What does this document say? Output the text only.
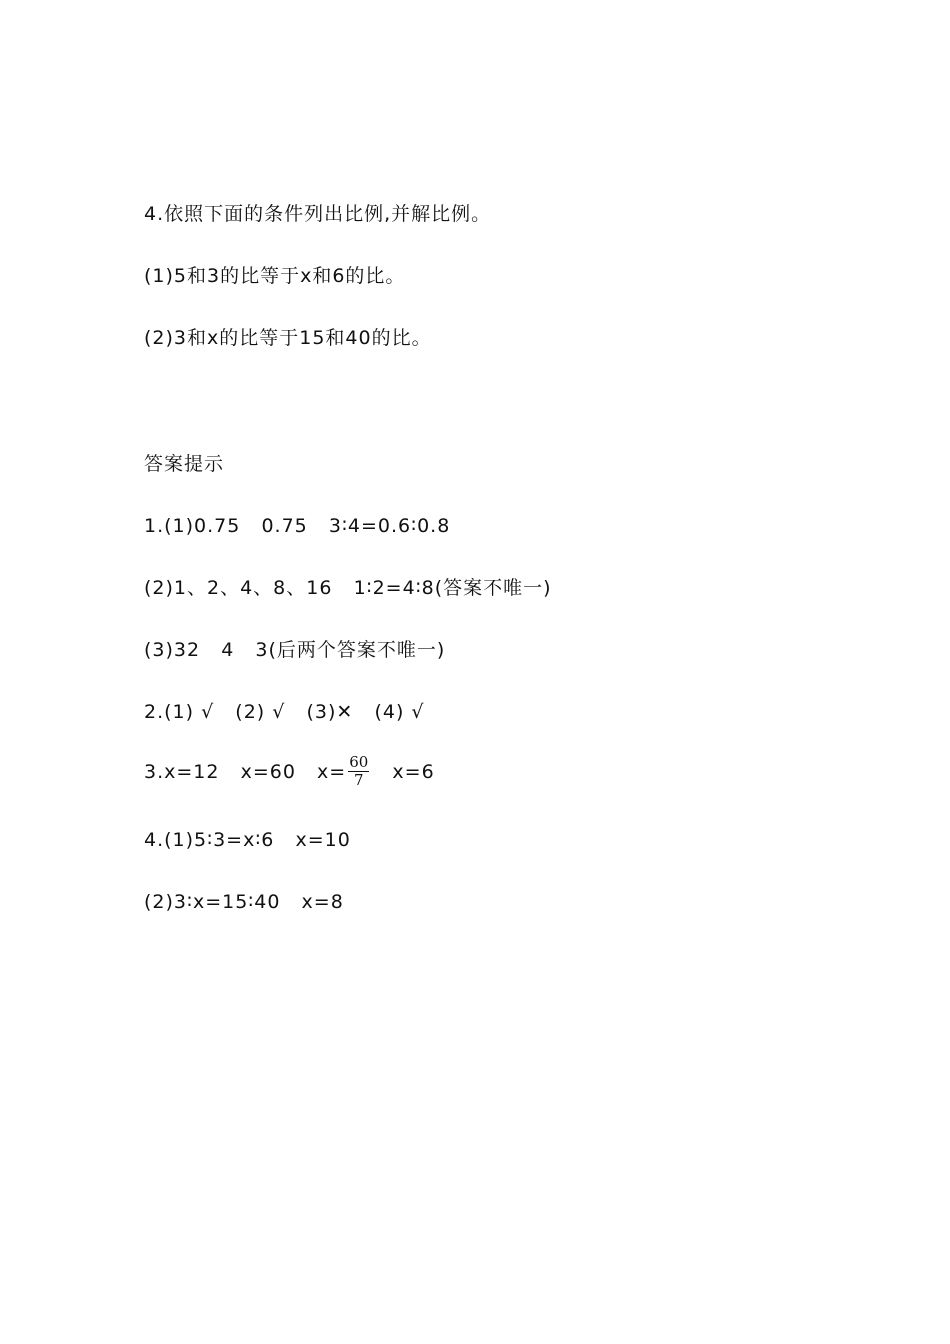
4.依照下面的条件列出比例,并解比例。
(1)5和3的比等于x和6的比。
(2)3和x的比等于15和40的比。
答案提示
1.(1)0.75   0.75   3∶4=0.6∶0.8
(2)1、2、4、8、16   1∶2=4∶8(答案不唯一)
(3)32   4   3(后两个答案不唯一)
2.(1) √   (2) √   (3)✕   (4) √
3.x=12   x=60   $x= \frac{60}{7} x=6$
4.(1)5∶3=x∶6   x=10
(2)3∶x=15∶40   x=8
